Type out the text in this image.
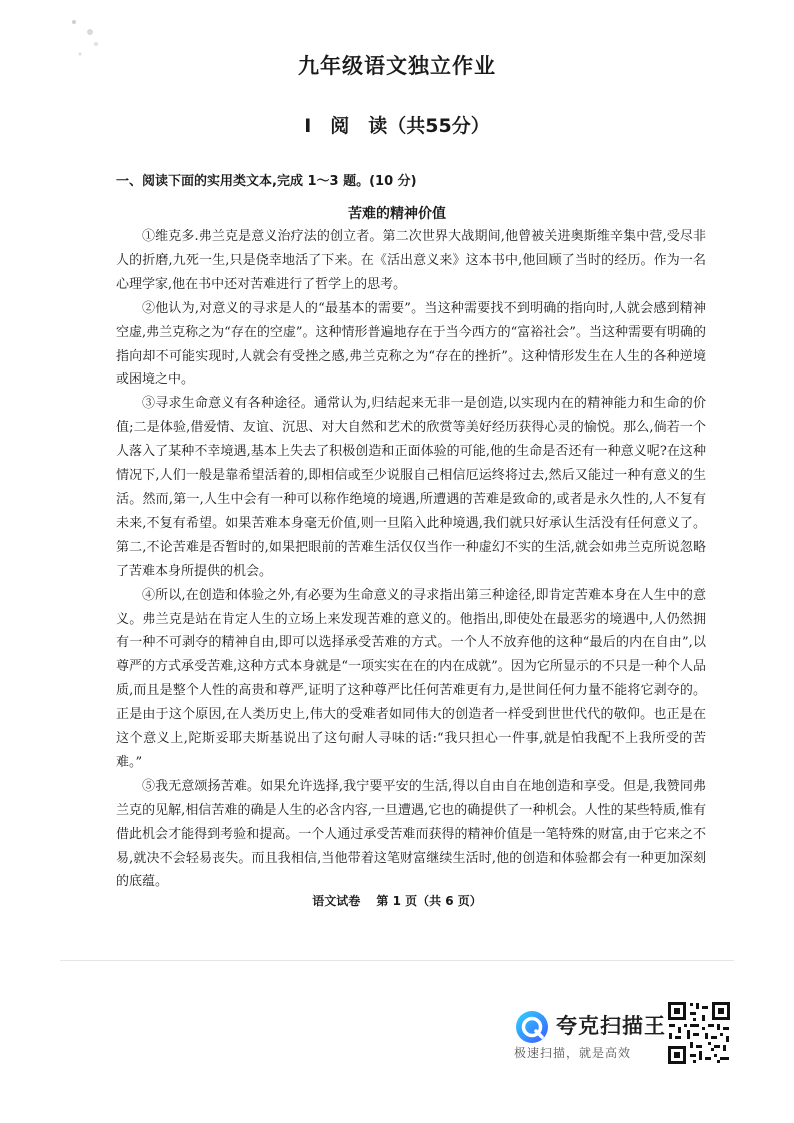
九年级语文独立作业
I　阅　读（共55分）
一、阅读下面的实用类文本,完成 1～3 题。(10 分)
苦难的精神价值

①维克多.弗兰克是意义治疗法的创立者。第二次世界大战期间,他曾被关进奥斯维辛集中营,受尽非人的折磨,九死一生,只是侥幸地活了下来。在《活出意义来》这本书中,他回顾了当时的经历。作为一名心理学家,他在书中还对苦难进行了哲学上的思考。

②他认为,对意义的寻求是人的“最基本的需要”。当这种需要找不到明确的指向时,人就会感到精神空虚,弗兰克称之为“存在的空虚”。这种情形普遍地存在于当今西方的“富裕社会”。当这种需要有明确的指向却不可能实现时,人就会有受挫之感,弗兰克称之为“存在的挫折”。这种情形发生在人生的各种逆境或困境之中。

③寻求生命意义有各种途径。通常认为,归结起来无非一是创造,以实现内在的精神能力和生命的价值;二是体验,借爱情、友谊、沉思、对大自然和艺术的欣赏等美好经历获得心灵的愉悦。那么,倘若一个人落入了某种不幸境遇,基本上失去了积极创造和正面体验的可能,他的生命是否还有一种意义呢?在这种情况下,人们一般是靠希望活着的,即相信或至少说服自己相信厄运终将过去,然后又能过一种有意义的生活。然而,第一,人生中会有一种可以称作绝境的境遇,所遭遇的苦难是致命的,或者是永久性的,人不复有未来,不复有希望。如果苦难本身毫无价值,则一旦陷入此种境遇,我们就只好承认生活没有任何意义了。第二,不论苦难是否暂时的,如果把眼前的苦难生活仅仅当作一种虚幻不实的生活,就会如弗兰克所说忽略了苦难本身所提供的机会。

④所以,在创造和体验之外,有必要为生命意义的寻求指出第三种途径,即肯定苦难本身在人生中的意义。弗兰克是站在肯定人生的立场上来发现苦难的意义的。他指出,即使处在最恶劣的境遇中,人仍然拥有一种不可剥夺的精神自由,即可以选择承受苦难的方式。一个人不放弃他的这种“最后的内在自由”,以尊严的方式承受苦难,这种方式本身就是“一项实实在在的内在成就”。因为它所显示的不只是一种个人品质,而且是整个人性的高贵和尊严,证明了这种尊严比任何苦难更有力,是世间任何力量不能将它剥夺的。正是由于这个原因,在人类历史上,伟大的受难者如同伟大的创造者一样受到世世代代的敬仰。也正是在这个意义上,陀斯妥耶夫斯基说出了这句耐人寻味的话:“我只担心一件事,就是怕我配不上我所受的苦难。”

⑤我无意颂扬苦难。如果允许选择,我宁要平安的生活,得以自由自在地创造和享受。但是,我赞同弗兰克的见解,相信苦难的确是人生的必含内容,一旦遭遇,它也的确提供了一种机会。人性的某些特质,惟有借此机会才能得到考验和提高。一个人通过承受苦难而获得的精神价值是一笔特殊的财富,由于它来之不易,就决不会轻易丧失。而且我相信,当他带着这笔财富继续生活时,他的创造和体验都会有一种更加深刻的底蕴。

语文试卷 第 1 页（共 6 页）
夸克扫描王
极速扫描，就是高效
